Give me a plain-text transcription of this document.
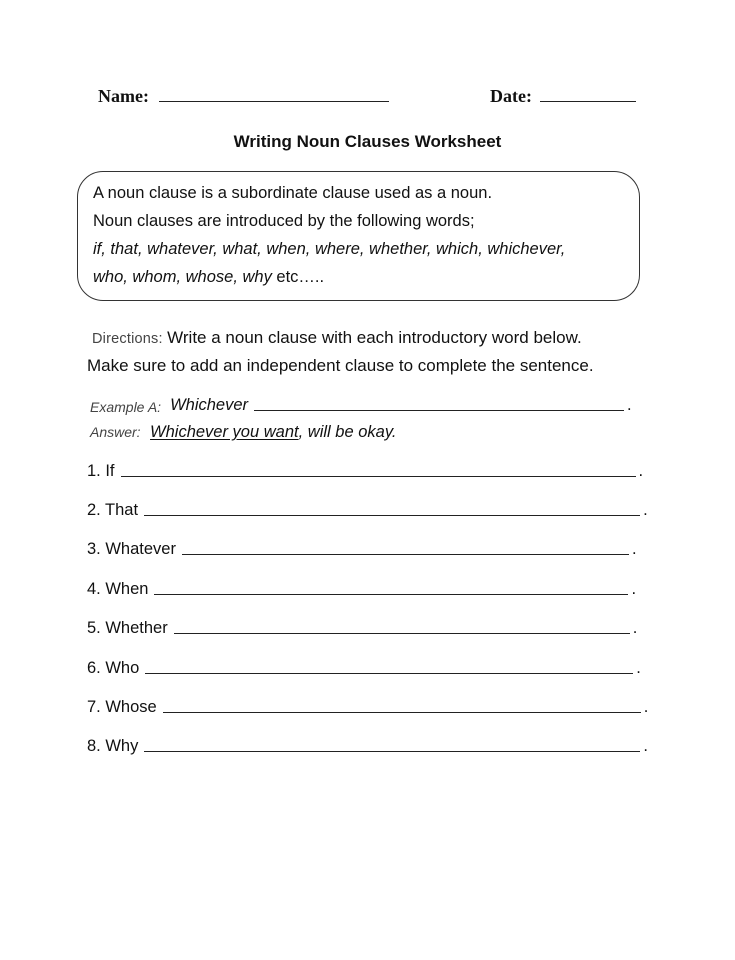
Name:	Date:
Writing Noun Clauses Worksheet
A noun clause is a subordinate clause used as a noun.
Noun clauses are introduced by the following words;
if, that, whatever, what, when, where, whether, which, whichever,
who, whom, whose, why etc…..
Directions: Write a noun clause with each introductory word below.
Make sure to add an independent clause to complete the sentence.
Example A: Whichever	.
Answer: Whichever you want, will be okay.
1. If	.
2. That	.
3. Whatever	.
4. When	.
5. Whether	.
6. Who	.
7. Whose	.
8. Why	.
